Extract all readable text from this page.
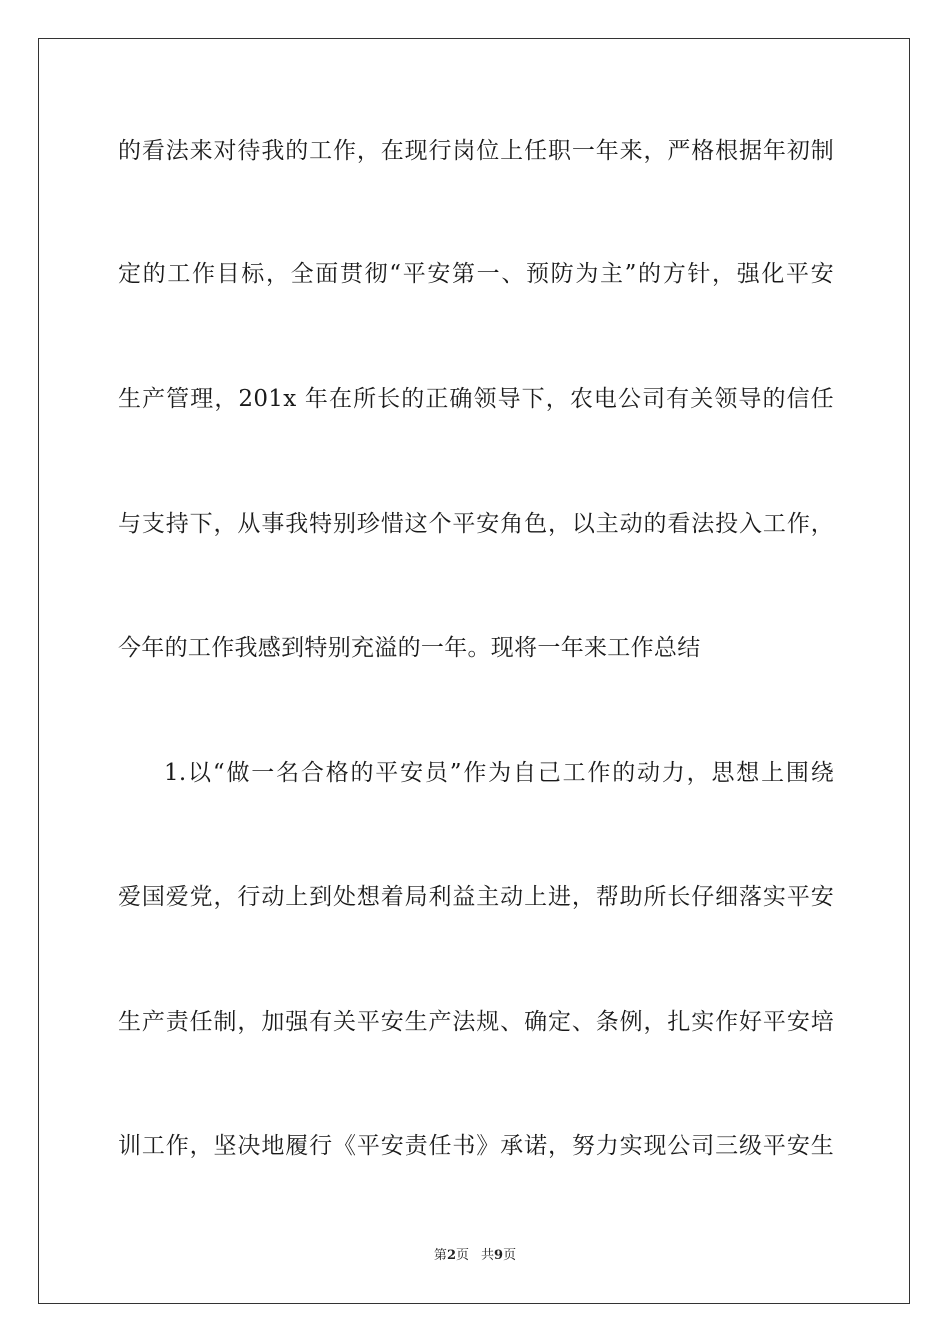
的看法来对待我的工作，在现行岗位上任职一年来，严格根据年初制
定的工作目标，全面贯彻“平安第一、预防为主”的方针，强化平安
生产管理，201x 年在所长的正确领导下，农电公司有关领导的信任
与支持下，从事我特别珍惜这个平安角色，以主动的看法投入工作，
今年的工作我感到特别充溢的一年。现将一年来工作总结
1.以“做一名合格的平安员”作为自己工作的动力，思想上围绕
爱国爱党，行动上到处想着局利益主动上进，帮助所长仔细落实平安
生产责任制，加强有关平安生产法规、确定、条例，扎实作好平安培
训工作，坚决地履行《平安责任书》承诺，努力实现公司三级平安生
第2页 共9页
